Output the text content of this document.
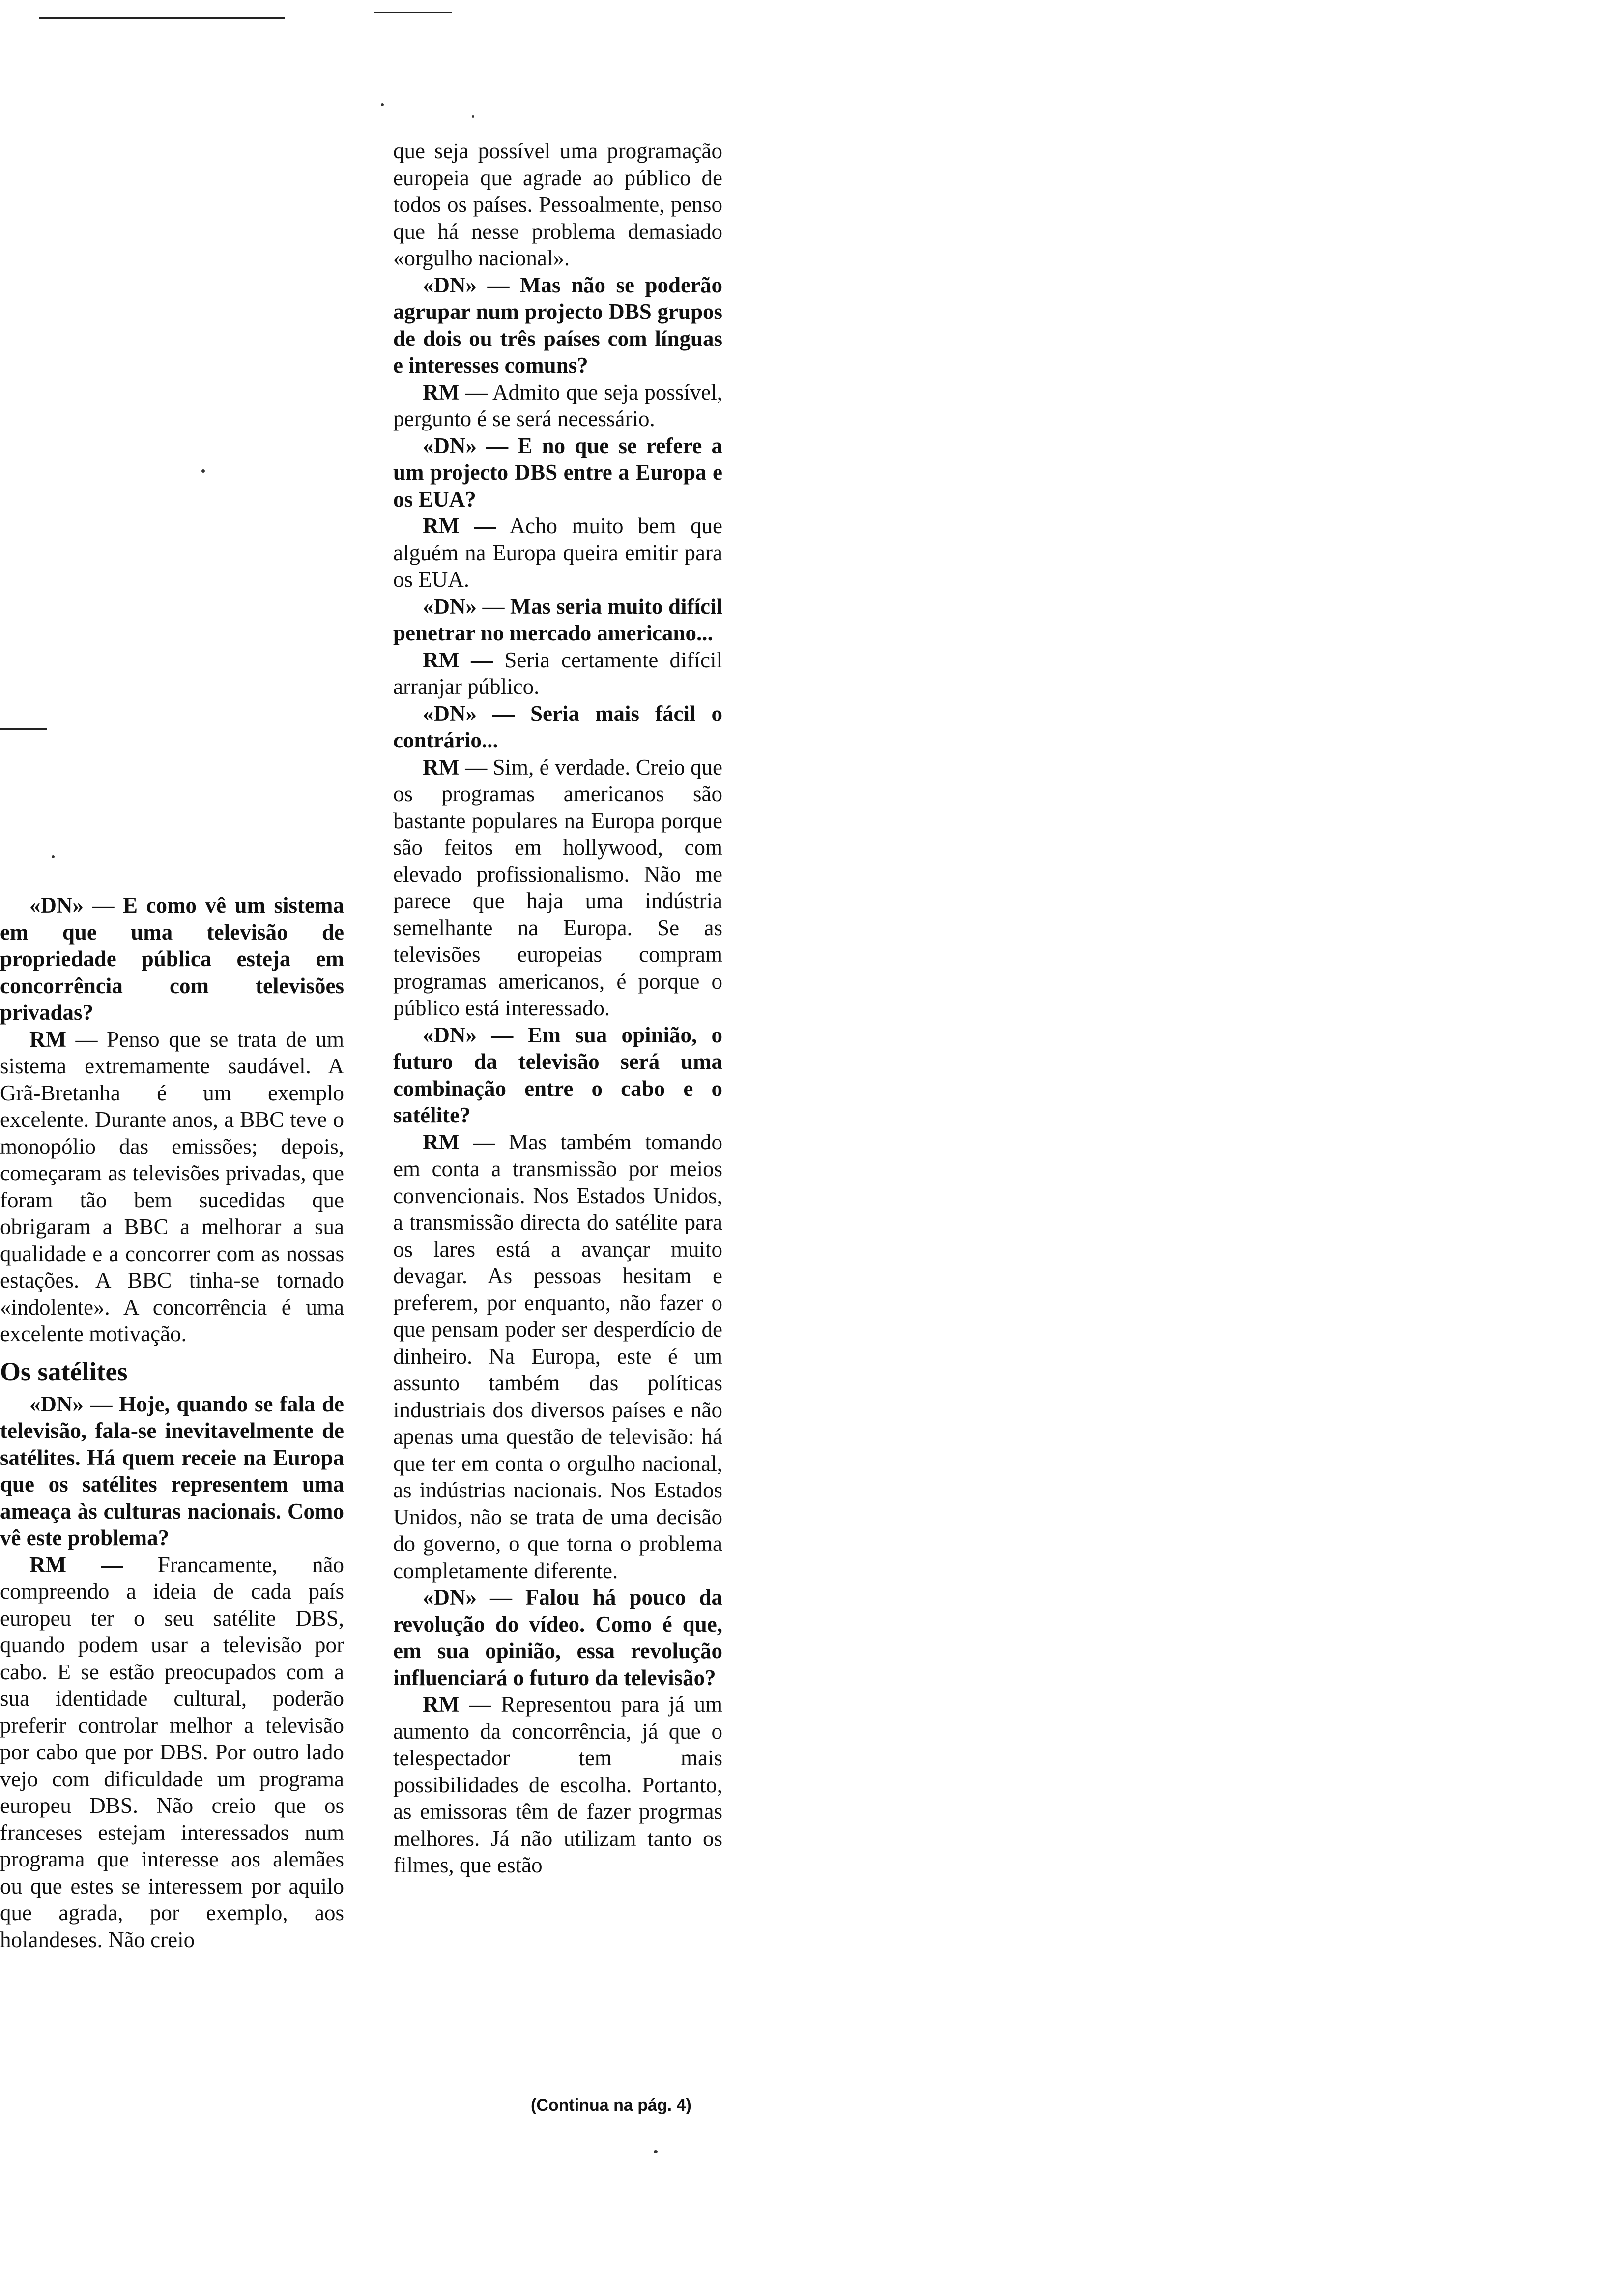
«DN» — E como vê um sistema em que uma televisão de propriedade pública esteja em concorrência com televisões privadas?

RM — Penso que se trata de um sistema extremamente saudável. A Grã-Bretanha é um exemplo excelente. Durante anos, a BBC teve o monopólio das emissões; depois, começaram as televisões privadas, que foram tão bem sucedidas que obrigaram a BBC a melhorar a sua qualidade e a concorrer com as nossas estações. A BBC tinha-se tornado «indolente». A concorrência é uma excelente motivação.

Os satélites

«DN» — Hoje, quando se fala de televisão, fala-se inevitavelmente de satélites. Há quem receie na Europa que os satélites representem uma ameaça às culturas nacionais. Como vê este problema?

RM — Francamente, não compreendo a ideia de cada país europeu ter o seu satélite DBS, quando podem usar a televisão por cabo. E se estão preocupados com a sua identidade cultural, poderão preferir controlar melhor a televisão por cabo que por DBS. Por outro lado vejo com dificuldade um programa europeu DBS. Não creio que os franceses estejam interessados num programa que interesse aos alemães ou que estes se interessem por aquilo que agrada, por exemplo, aos holandeses. Não creio

que seja possível uma programação europeia que agrade ao público de todos os países. Pessoalmente, penso que há nesse problema demasiado «orgulho nacional».

«DN» — Mas não se poderão agrupar num projecto DBS grupos de dois ou três países com línguas e interesses comuns?

RM — Admito que seja possível, pergunto é se será necessário.

«DN» — E no que se refere a um projecto DBS entre a Europa e os EUA?

RM — Acho muito bem que alguém na Europa queira emitir para os EUA.

«DN» — Mas seria muito difícil penetrar no mercado americano...

RM — Seria certamente difícil arranjar público.

«DN» — Seria mais fácil o contrário...

RM — Sim, é verdade. Creio que os programas americanos são bastante populares na Europa porque são feitos em hollywood, com elevado profissionalismo. Não me parece que haja uma indústria semelhante na Europa. Se as televisões europeias compram programas americanos, é porque o público está interessado.

«DN» — Em sua opinião, o futuro da televisão será uma combinação entre o cabo e o satélite?

RM — Mas também tomando em conta a transmissão por meios convencionais. Nos Estados Unidos, a transmissão directa do satélite para os lares está a avançar muito devagar. As pessoas hesitam e preferem, por enquanto, não fazer o que pensam poder ser desperdício de dinheiro. Na Europa, este é um assunto também das políticas industriais dos diversos países e não apenas uma questão de televisão: há que ter em conta o orgulho nacional, as indústrias nacionais. Nos Estados Unidos, não se trata de uma decisão do governo, o que torna o problema completamente diferente.

«DN» — Falou há pouco da revolução do vídeo. Como é que, em sua opinião, essa revolução influenciará o futuro da televisão?

RM — Representou para já um aumento da concorrência, já que o telespectador tem mais possibilidades de escolha. Portanto, as emissoras têm de fazer progrmas melhores. Já não utilizam tanto os filmes, que estão

(Continua na pág. 4)
